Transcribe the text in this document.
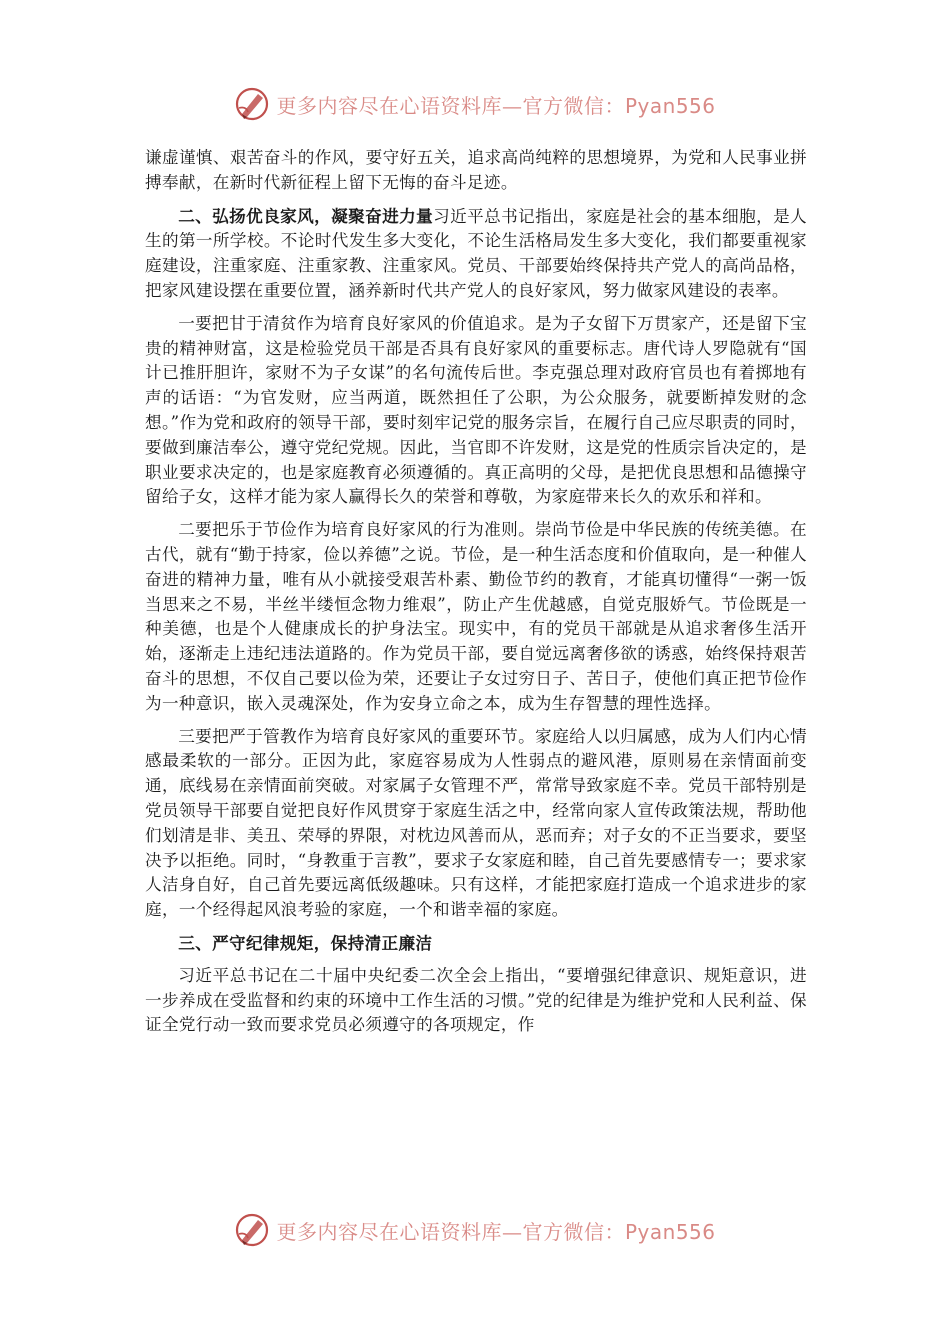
更多内容尽在心语资料库—官方微信：Pyan556

谦虚谨慎、艰苦奋斗的作风，要守好五关，追求高尚纯粹的思想境界，为党和人民事业拼搏奉献，在新时代新征程上留下无悔的奋斗足迹。

二、弘扬优良家风，凝聚奋进力量习近平总书记指出，家庭是社会的基本细胞，是人生的第一所学校。不论时代发生多大变化，不论生活格局发生多大变化，我们都要重视家庭建设，注重家庭、注重家教、注重家风。党员、干部要始终保持共产党人的高尚品格，把家风建设摆在重要位置，涵养新时代共产党人的良好家风，努力做家风建设的表率。

一要把甘于清贫作为培育良好家风的价值追求。是为子女留下万贯家产，还是留下宝贵的精神财富，这是检验党员干部是否具有良好家风的重要标志。唐代诗人罗隐就有“国计已推肝胆许，家财不为子女谋”的名句流传后世。李克强总理对政府官员也有着掷地有声的话语：“为官发财，应当两道，既然担任了公职，为公众服务，就要断掉发财的念想。”作为党和政府的领导干部，要时刻牢记党的服务宗旨，在履行自己应尽职责的同时，要做到廉洁奉公，遵守党纪党规。因此，当官即不许发财，这是党的性质宗旨决定的，是职业要求决定的，也是家庭教育必须遵循的。真正高明的父母，是把优良思想和品德操守留给子女，这样才能为家人赢得长久的荣誉和尊敬，为家庭带来长久的欢乐和祥和。

二要把乐于节俭作为培育良好家风的行为准则。崇尚节俭是中华民族的传统美德。在古代，就有“勤于持家，俭以养德”之说。节俭，是一种生活态度和价值取向，是一种催人奋进的精神力量，唯有从小就接受艰苦朴素、勤俭节约的教育，才能真切懂得“一粥一饭当思来之不易，半丝半缕恒念物力维艰”，防止产生优越感，自觉克服娇气。节俭既是一种美德，也是个人健康成长的护身法宝。现实中，有的党员干部就是从追求奢侈生活开始，逐渐走上违纪违法道路的。作为党员干部，要自觉远离奢侈欲的诱惑，始终保持艰苦奋斗的思想，不仅自己要以俭为荣，还要让子女过穷日子、苦日子，使他们真正把节俭作为一种意识，嵌入灵魂深处，作为安身立命之本，成为生存智慧的理性选择。

三要把严于管教作为培育良好家风的重要环节。家庭给人以归属感，成为人们内心情感最柔软的一部分。正因为此，家庭容易成为人性弱点的避风港，原则易在亲情面前变通，底线易在亲情面前突破。对家属子女管理不严，常常导致家庭不幸。党员干部特别是党员领导干部要自觉把良好作风贯穿于家庭生活之中，经常向家人宣传政策法规，帮助他们划清是非、美丑、荣辱的界限，对枕边风善而从，恶而弃；对子女的不正当要求，要坚决予以拒绝。同时，“身教重于言教”，要求子女家庭和睦，自己首先要感情专一；要求家人洁身自好，自己首先要远离低级趣味。只有这样，才能把家庭打造成一个追求进步的家庭，一个经得起风浪考验的家庭，一个和谐幸福的家庭。

三、严守纪律规矩，保持清正廉洁

习近平总书记在二十届中央纪委二次全会上指出，“要增强纪律意识、规矩意识，进一步养成在受监督和约束的环境中工作生活的习惯。”党的纪律是为维护党和人民利益、保证全党行动一致而要求党员必须遵守的各项规定，作

更多内容尽在心语资料库—官方微信：Pyan556
